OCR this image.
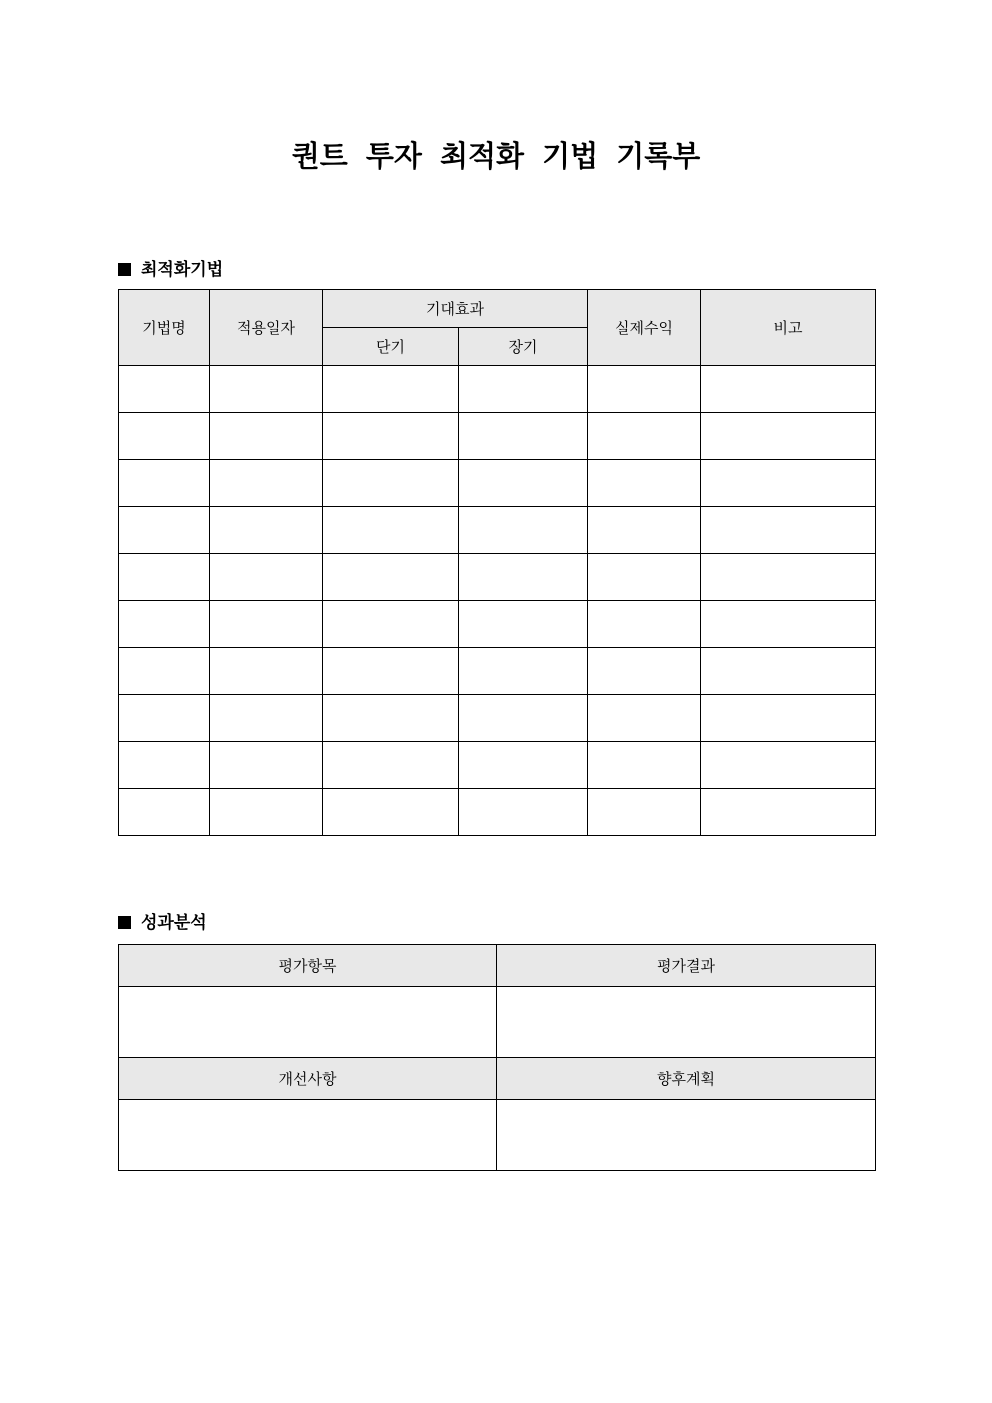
퀀트 투자 최적화 기법 기록부
최적화기법
기법명	적용일자	기대효과		실제수익	비고
		단기	장기		

성과분석
평가항목	평가결과

개선사항	향후계획
